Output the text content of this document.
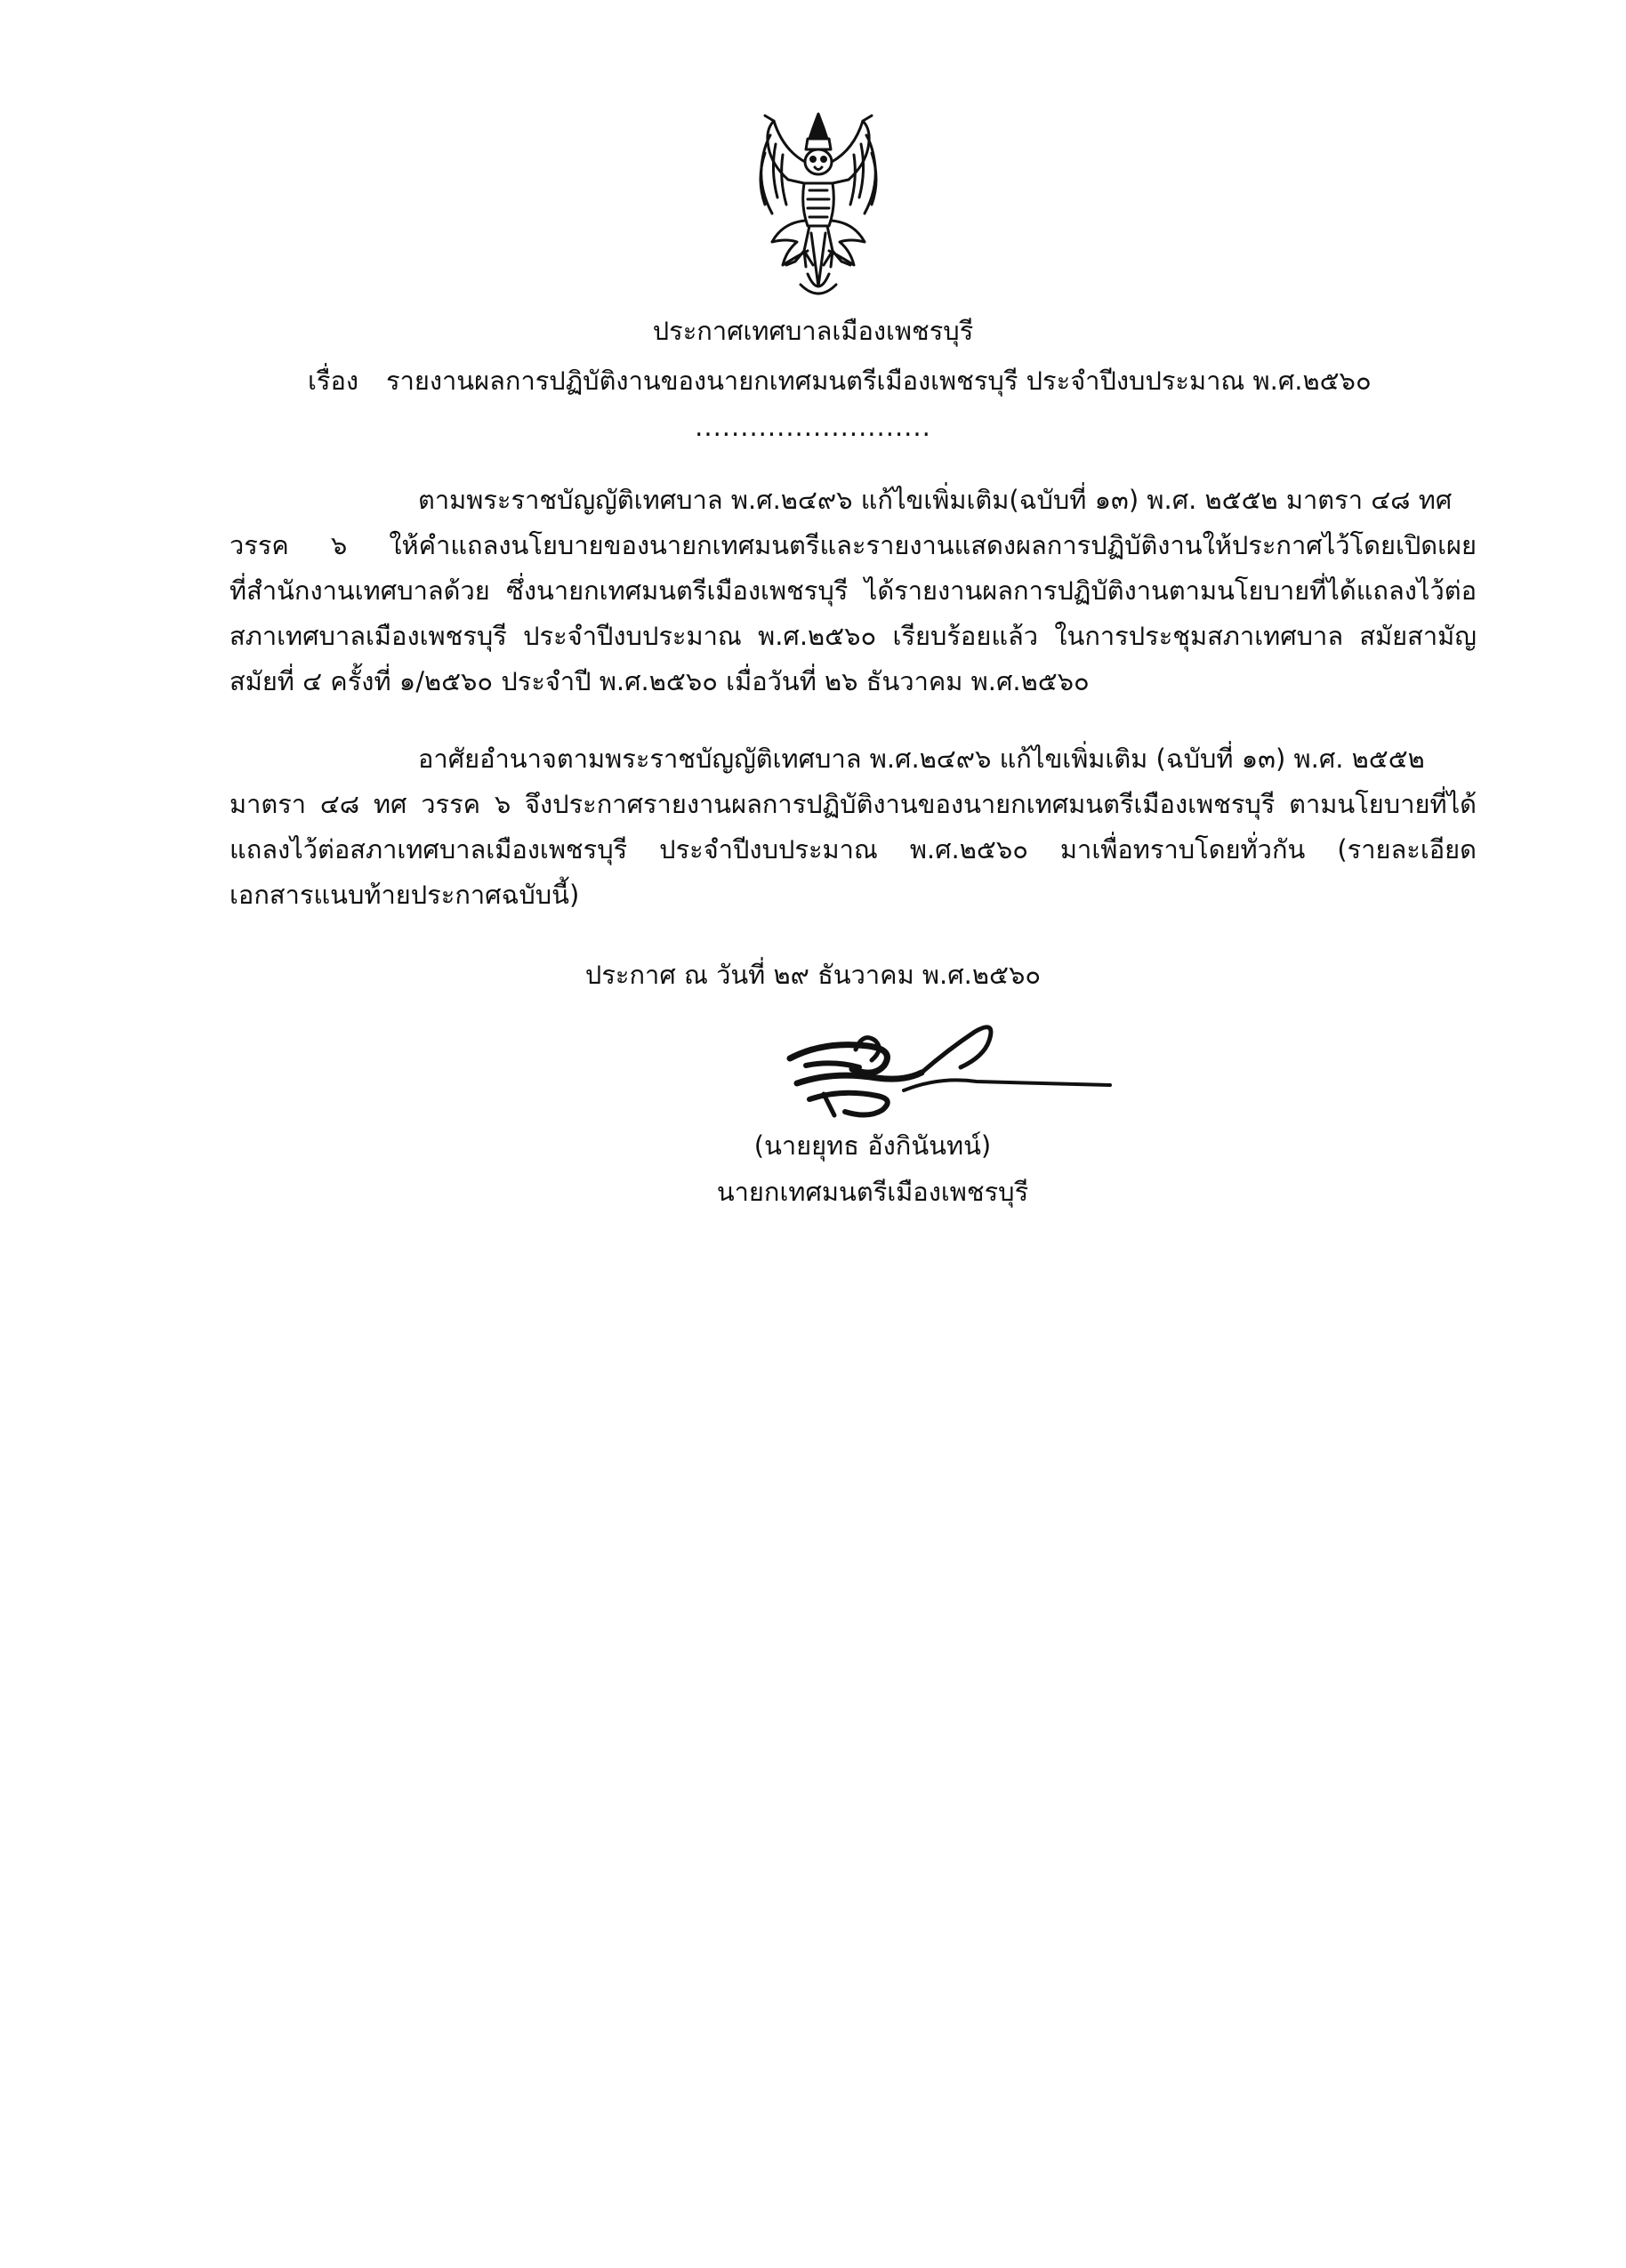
ประกาศเทศบาลเมืองเพชรบุรี
เรื่อง รายงานผลการปฏิบัติงานของนายกเทศมนตรีเมืองเพชรบุรี ประจำปีงบประมาณ พ.ศ.๒๕๖๐
..........................
ตามพระราชบัญญัติเทศบาล พ.ศ.๒๔๙๖ แก้ไขเพิ่มเติม(ฉบับที่ ๑๓) พ.ศ. ๒๕๕๒ มาตรา ๔๘ ทศ
วรรค ๖ ให้คำแถลงนโยบายของนายกเทศมนตรีและรายงานแสดงผลการปฏิบัติงานให้ประกาศไว้โดยเปิดเผย
ที่สำนักงานเทศบาลด้วย ซึ่งนายกเทศมนตรีเมืองเพชรบุรี ได้รายงานผลการปฏิบัติงานตามนโยบายที่ได้แถลงไว้ต่อ
สภาเทศบาลเมืองเพชรบุรี ประจำปีงบประมาณ พ.ศ.๒๕๖๐ เรียบร้อยแล้ว ในการประชุมสภาเทศบาล สมัยสามัญ
สมัยที่ ๔ ครั้งที่ ๑/๒๕๖๐ ประจำปี พ.ศ.๒๕๖๐ เมื่อวันที่ ๒๖ ธันวาคม พ.ศ.๒๕๖๐
อาศัยอำนาจตามพระราชบัญญัติเทศบาล พ.ศ.๒๔๙๖ แก้ไขเพิ่มเติม (ฉบับที่ ๑๓) พ.ศ. ๒๕๕๒
มาตรา ๔๘ ทศ วรรค ๖ จึงประกาศรายงานผลการปฏิบัติงานของนายกเทศมนตรีเมืองเพชรบุรี ตามนโยบายที่ได้
แถลงไว้ต่อสภาเทศบาลเมืองเพชรบุรี ประจำปีงบประมาณ พ.ศ.๒๕๖๐ มาเพื่อทราบโดยทั่วกัน (รายละเอียด
เอกสารแนบท้ายประกาศฉบับนี้)
ประกาศ ณ วันที่ ๒๙ ธันวาคม พ.ศ.๒๕๖๐
(นายยุทธ อังกินันทน์)
นายกเทศมนตรีเมืองเพชรบุรี
